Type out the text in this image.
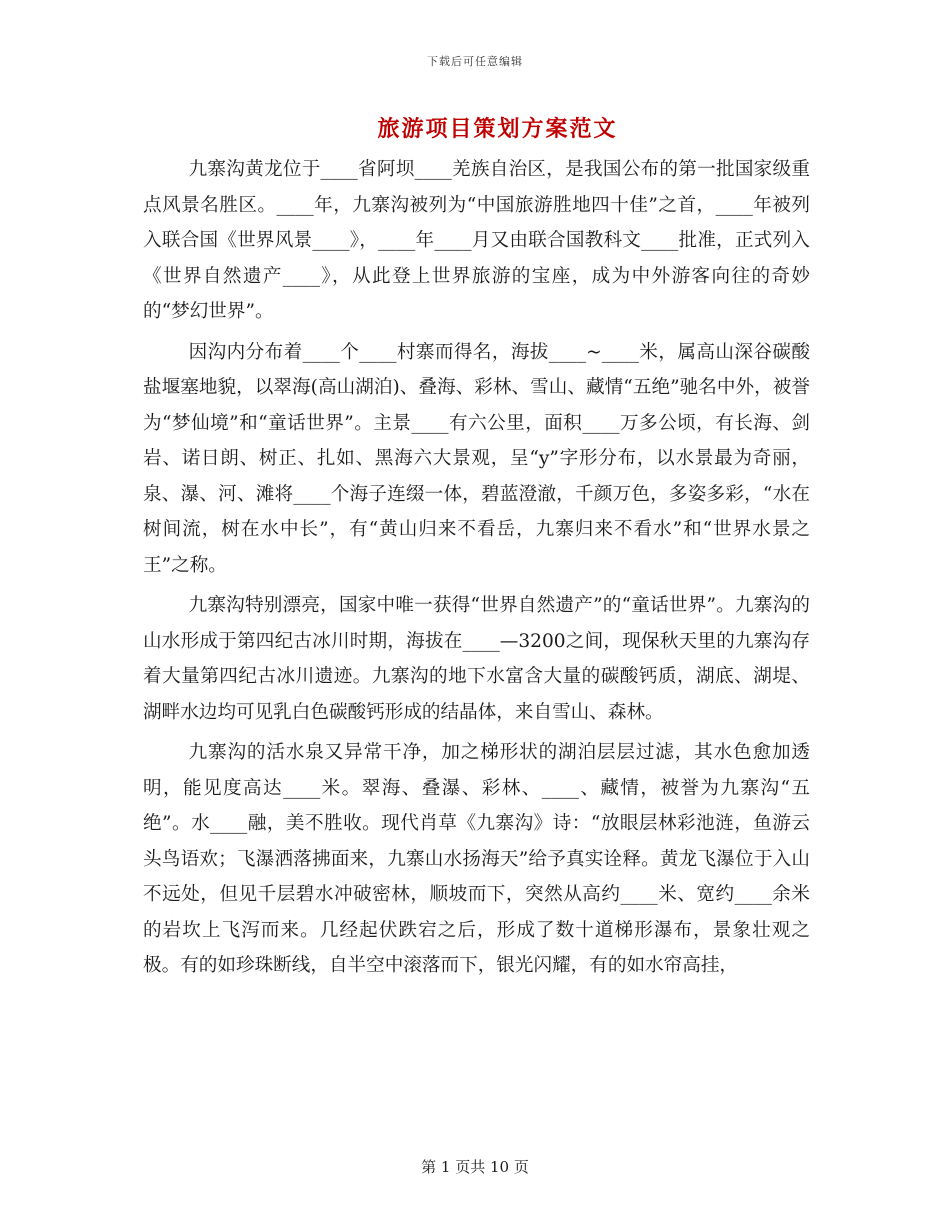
下载后可任意编辑
旅游项目策划方案范文

九寨沟黄龙位于____省阿坝____羌族自治区，是我国公布的第一批国家级重点风景名胜区。____年，九寨沟被列为“中国旅游胜地四十佳”之首，____年被列入联合国《世界风景____》，____年____月又由联合国教科文____批准，正式列入《世界自然遗产____》，从此登上世界旅游的宝座，成为中外游客向往的奇妙的“梦幻世界”。

因沟内分布着____个____村寨而得名，海拔____~____米，属高山深谷碳酸盐堰塞地貌，以翠海(高山湖泊)、叠海、彩林、雪山、藏情“五绝”驰名中外，被誉为“梦仙境”和“童话世界”。主景____有六公里，面积____万多公顷，有长海、剑岩、诺日朗、树正、扎如、黑海六大景观，呈“y”字形分布，以水景最为奇丽，泉、瀑、河、滩将____个海子连缀一体，碧蓝澄澈，千颜万色，多姿多彩，“水在树间流，树在水中长”，有“黄山归来不看岳，九寨归来不看水”和“世界水景之王”之称。

九寨沟特别漂亮，国家中唯一获得“世界自然遗产”的“童话世界”。九寨沟的山水形成于第四纪古冰川时期，海拔在____—3200之间，现保秋天里的九寨沟存着大量第四纪古冰川遗迹。九寨沟的地下水富含大量的碳酸钙质，湖底、湖堤、湖畔水边均可见乳白色碳酸钙形成的结晶体，来自雪山、森林。

九寨沟的活水泉又异常干净，加之梯形状的湖泊层层过滤，其水色愈加透明，能见度高达____米。翠海、叠瀑、彩林、____、藏情，被誉为九寨沟“五绝”。水____融，美不胜收。现代肖草《九寨沟》诗：“放眼层林彩池涟，鱼游云头鸟语欢；飞瀑洒落拂面来，九寨山水扬海天”给予真实诠释。黄龙飞瀑位于入山不远处，但见千层碧水冲破密林，顺坡而下，突然从高约____米、宽约____余米的岩坎上飞泻而来。几经起伏跌宕之后，形成了数十道梯形瀑布，景象壮观之极。有的如珍珠断线，自半空中滚落而下，银光闪耀，有的如水帘高挂，

第 1 页共 10 页
